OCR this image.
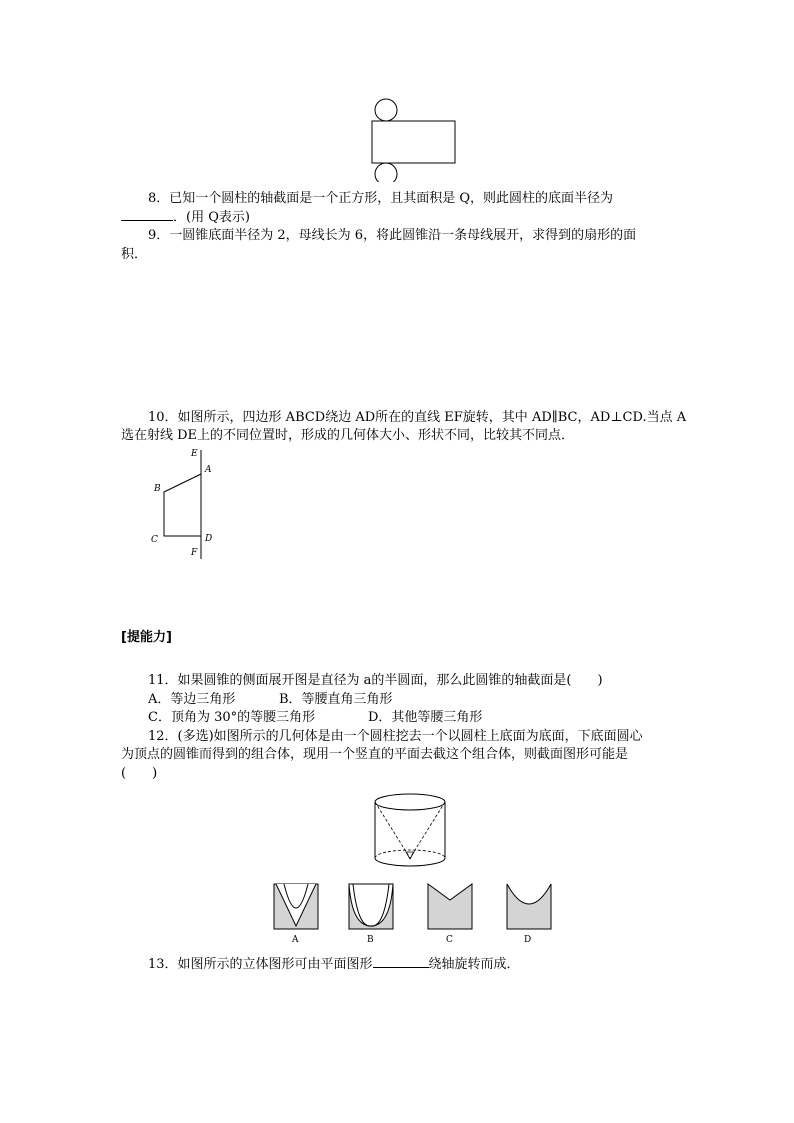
8．已知一个圆柱的轴截面是一个正方形，且其面积是 Q，则此圆柱的底面半径为
．(用 Q表示)
9．一圆锥底面半径为 2，母线长为 6，将此圆锥沿一条母线展开，求得到的扇形的面
积．
10．如图所示，四边形 ABCD绕边 AD所在的直线 EF旋转，其中 AD∥BC，AD⊥CD.当点 A
选在射线 DE上的不同位置时，形成的几何体大小、形状不同，比较其不同点．
E
A
B
C	D
F
[提能力]
11．如果圆锥的侧面展开图是直径为 a的半圆面，那么此圆锥的轴截面是(　　)
A．等边三角形	B．等腰直角三角形
C．顶角为 30°的等腰三角形	D．其他等腰三角形
12．(多选)如图所示的几何体是由一个圆柱挖去一个以圆柱上底面为底面，下底面圆心
为顶点的圆锥而得到的组合体，现用一个竖直的平面去截这个组合体，则截面图形可能是
(　　)
A	B	C	D
13．如图所示的立体图形可由平面图形	绕轴旋转而成．
